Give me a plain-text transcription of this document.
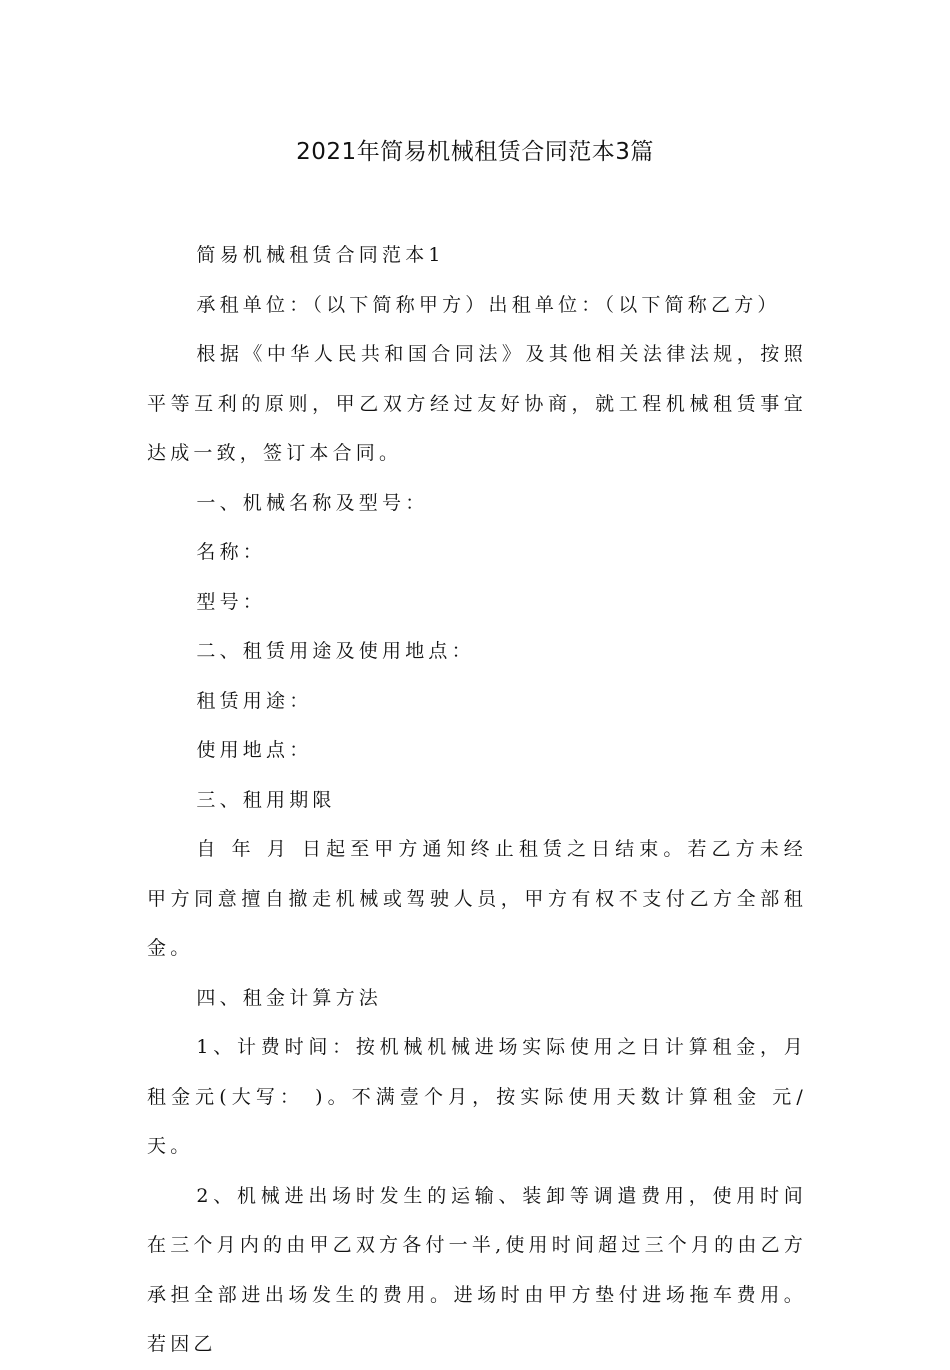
2021年简易机械租赁合同范本3篇

简易机械租赁合同范本1

承租单位：（以下简称甲方）出租单位：（以下简称乙方）

根据《中华人民共和国合同法》及其他相关法律法规，按照平等互利的原则，甲乙双方经过友好协商，就工程机械租赁事宜达成一致，签订本合同。

一、机械名称及型号：

名称：

型号：

二、租赁用途及使用地点：

租赁用途：

使用地点：

三、租用期限

自 年 月 日起至甲方通知终止租赁之日结束。若乙方未经甲方同意擅自撤走机械或驾驶人员，甲方有权不支付乙方全部租金。

四、租金计算方法

1、计费时间：按机械机械进场实际使用之日计算租金，月租金元(大写： )。不满壹个月，按实际使用天数计算租金 元/天。

2、机械进出场时发生的运输、装卸等调遣费用，使用时间在三个月内的由甲乙双方各付一半,使用时间超过三个月的由乙方承担全部进出场发生的费用。进场时由甲方垫付进场拖车费用。若因乙
